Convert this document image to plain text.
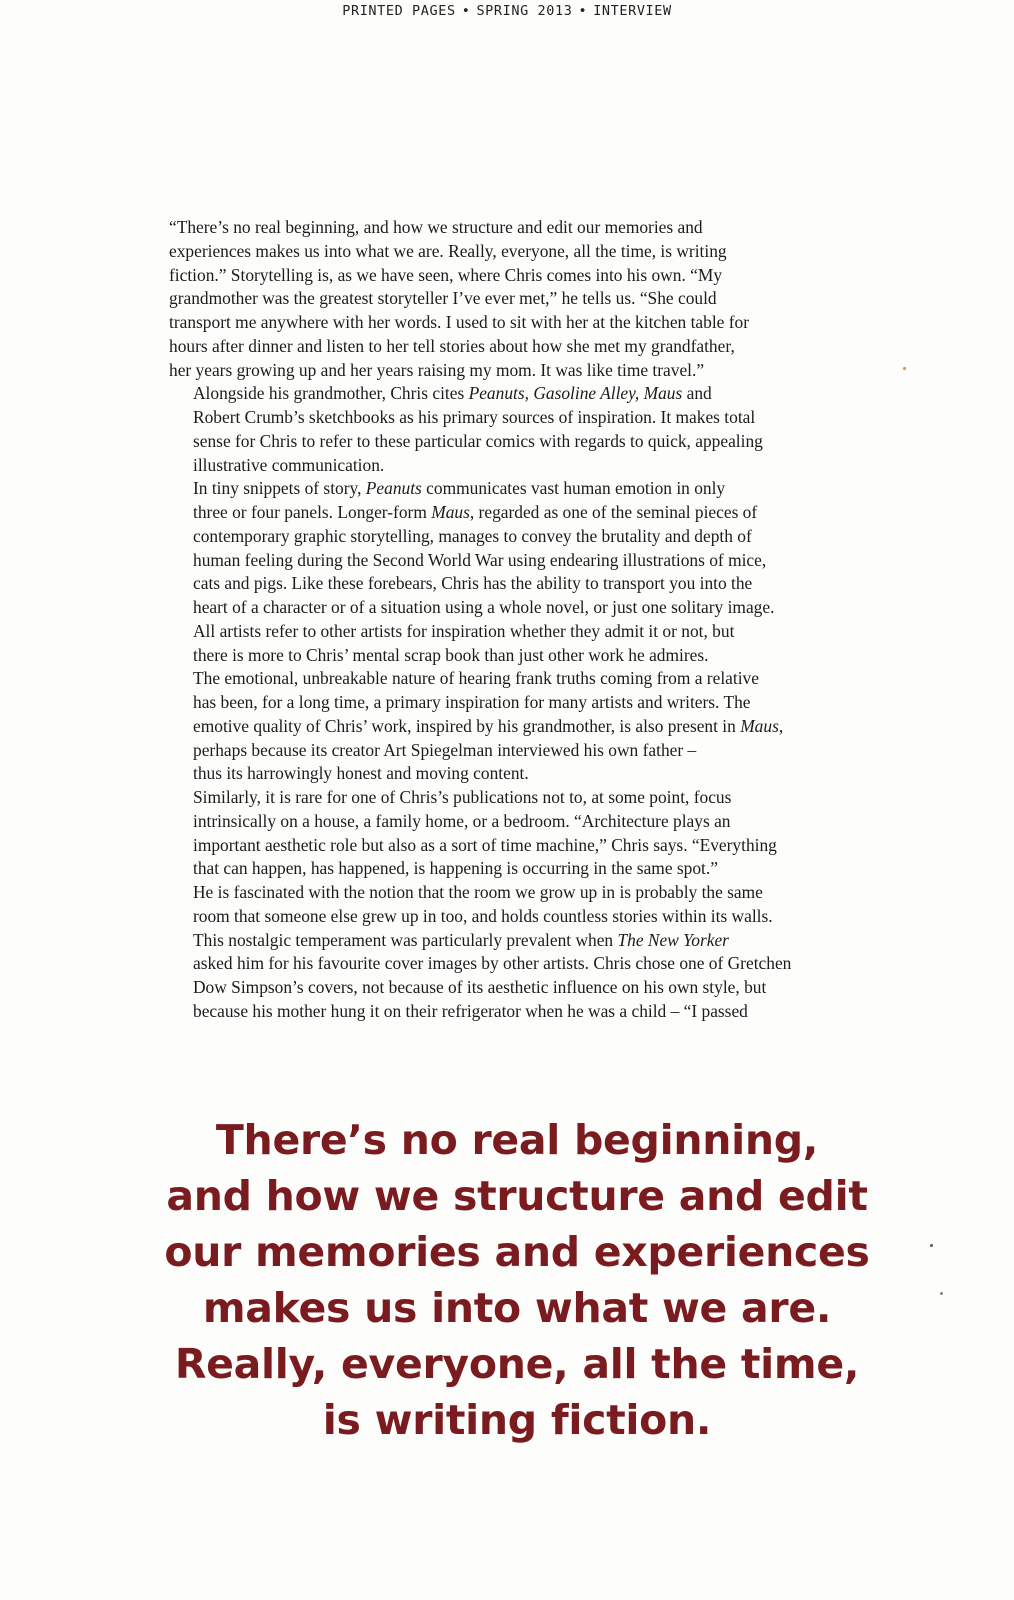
PRINTED PAGES • SPRING 2013 • INTERVIEW

“There’s no real beginning, and how we structure and edit our memories and
experiences makes us into what we are. Really, everyone, all the time, is writing
fiction.” Storytelling is, as we have seen, where Chris comes into his own. “My
grandmother was the greatest storyteller I’ve ever met,” he tells us. “She could
transport me anywhere with her words. I used to sit with her at the kitchen table for
hours after dinner and listen to her tell stories about how she met my grandfather,
her years growing up and her years raising my mom. It was like time travel.”

Alongside his grandmother, Chris cites Peanuts, Gasoline Alley, Maus and
Robert Crumb’s sketchbooks as his primary sources of inspiration. It makes total
sense for Chris to refer to these particular comics with regards to quick, appealing
illustrative communication.

In tiny snippets of story, Peanuts communicates vast human emotion in only
three or four panels. Longer-form Maus, regarded as one of the seminal pieces of
contemporary graphic storytelling, manages to convey the brutality and depth of
human feeling during the Second World War using endearing illustrations of mice,
cats and pigs. Like these forebears, Chris has the ability to transport you into the
heart of a character or of a situation using a whole novel, or just one solitary image.

All artists refer to other artists for inspiration whether they admit it or not, but
there is more to Chris’ mental scrap book than just other work he admires.

The emotional, unbreakable nature of hearing frank truths coming from a relative
has been, for a long time, a primary inspiration for many artists and writers. The
emotive quality of Chris’ work, inspired by his grandmother, is also present in Maus,
perhaps because its creator Art Spiegelman interviewed his own father –
thus its harrowingly honest and moving content.

Similarly, it is rare for one of Chris’s publications not to, at some point, focus
intrinsically on a house, a family home, or a bedroom. “Architecture plays an
important aesthetic role but also as a sort of time machine,” Chris says. “Everything
that can happen, has happened, is happening is occurring in the same spot.”
He is fascinated with the notion that the room we grow up in is probably the same
room that someone else grew up in too, and holds countless stories within its walls.

This nostalgic temperament was particularly prevalent when The New Yorker
asked him for his favourite cover images by other artists. Chris chose one of Gretchen
Dow Simpson’s covers, not because of its aesthetic influence on his own style, but
because his mother hung it on their refrigerator when he was a child – “I passed

There’s no real beginning,
and how we structure and edit
our memories and experiences
makes us into what we are.
Really, everyone, all the time,
is writing fiction.
